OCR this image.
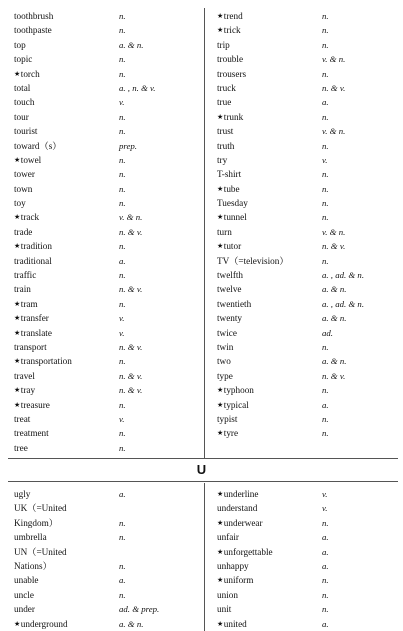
U
toothbrush	n.
toothpaste	n.
top	a. & n.
topic	n.
★torch	n.
total	a. , n. & v.
touch	v.
tour	n.
tourist	n.
toward（s）	prep.
★towel	n.
tower	n.
town	n.
toy	n.
★track	v. & n.
trade	n. & v.
★tradition	n.
traditional	a.
traffic	n.
train	n. & v.
★tram	n.
★transfer	v.
★translate	v.
transport	n. & v.
★transportation	n.
travel	n. & v.
★tray	n. & v.
★treasure	n.
treat	v.
treatment	n.
tree	n.
★trend	n.
★trick	n.
trip	n.
trouble	v. & n.
trousers	n.
truck	n. & v.
true	a.
★trunk	n.
trust	v. & n.
truth	n.
try	v.
T-shirt	n.
★tube	n.
Tuesday	n.
★tunnel	n.
turn	v. & n.
★tutor	n. & v.
TV（=television）	n.
twelfth	a. , ad. & n.
twelve	a. & n.
twentieth	a. , ad. & n.
twenty	a. & n.
twice	ad.
twin	n.
two	a. & n.
type	n. & v.
★typhoon	n.
★typical	a.
typist	n.
★tyre	n.
ugly	a.
UK（=United
Kingdom）	n.
umbrella	n.
UN（=United
Nations）	n.
unable	a.
uncle	n.
under	ad. & prep.
★underground	a. & n.
★underline	v.
understand	v.
★underwear	n.
unfair	a.
★unforgettable	a.
unhappy	a.
★uniform	n.
union	n.
unit	n.
★united	a.
